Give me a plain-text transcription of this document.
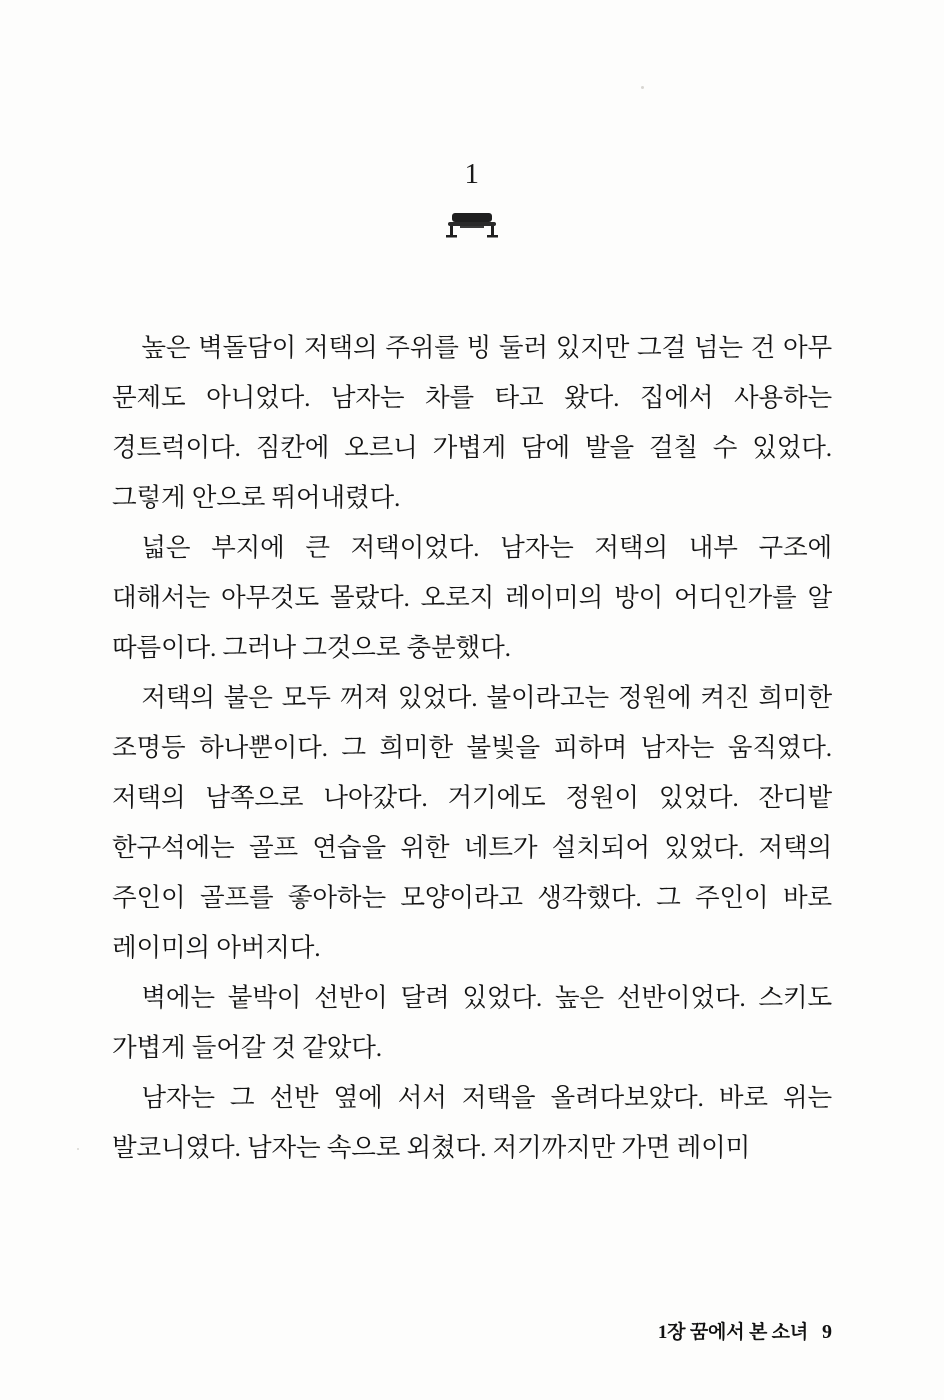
1

높은 벽돌담이 저택의 주위를 빙 둘러 있지만 그걸 넘는 건 아무 문제도 아니었다. 남자는 차를 타고 왔다. 집에서 사용하는 경트럭이다. 짐칸에 오르니 가볍게 담에 발을 걸칠 수 있었다. 그렇게 안으로 뛰어내렸다.

넓은 부지에 큰 저택이었다. 남자는 저택의 내부 구조에 대해서는 아무것도 몰랐다. 오로지 레이미의 방이 어디인가를 알 따름이다. 그러나 그것으로 충분했다.

저택의 불은 모두 꺼져 있었다. 불이라고는 정원에 켜진 희미한 조명등 하나뿐이다. 그 희미한 불빛을 피하며 남자는 움직였다. 저택의 남쪽으로 나아갔다. 거기에도 정원이 있었다. 잔디밭 한구석에는 골프 연습을 위한 네트가 설치되어 있었다. 저택의 주인이 골프를 좋아하는 모양이라고 생각했다. 그 주인이 바로 레이미의 아버지다.

벽에는 붙박이 선반이 달려 있었다. 높은 선반이었다. 스키도 가볍게 들어갈 것 같았다.

남자는 그 선반 옆에 서서 저택을 올려다보았다. 바로 위는 발코니였다. 남자는 속으로 외쳤다. 저기까지만 가면 레이미

1장 꿈에서 본 소녀 9
